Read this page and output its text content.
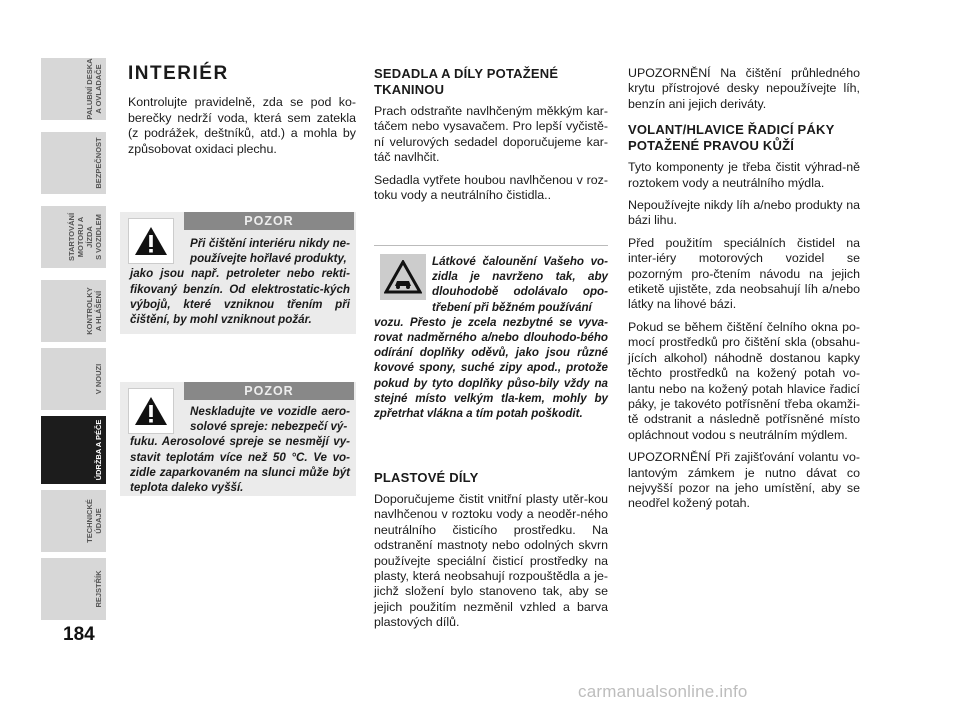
PALUBNÍ DESKA
A OVLADAČE
BEZPEČNOST
STARTOVÁNÍ
MOTORU A JÍZDA
S VOZIDLEM
KONTROLKY
A HLÁŠENÍ
V NOUZI
ÚDRŽBA A PÉČE
TECHNICKÉ ÚDAJE
REJSTŘÍK
184
INTERIÉR

Kontrolujte pravidelně, zda se pod ko-berečky nedrží voda, která sem zatekla (z podrážek, deštníků, atd.) a mohla by způsobovat oxidaci plechu.

POZOR
Při čištění interiéru nikdy ne-používejte hořlavé produkty,
jako jsou např. petroleter nebo rekti-fikovaný benzín. Od elektrostatic-kých výbojů, které vzniknou třením při čištění, by mohl vzniknout požár.
POZOR
Neskladujte ve vozidle aero-solové spreje: nebezpečí vý-
fuku. Aerosolové spreje se nesmějí vy-stavit teplotám více než 50 °C. Ve vo-zidle zaparkovaném na slunci může být teplota daleko vyšší.
SEDADLA A DÍLY POTAŽENÉ TKANINOU

Prach odstraňte navlhčeným měkkým kar-táčem nebo vysavačem. Pro lepší vyčistě-ní velurových sedadel doporučujeme kar-táč navlhčit.

Sedadla vytřete houbou navlhčenou v roz-toku vody a neutrálního čistidla..

Látkové čalounění Vašeho vo-zidla je navrženo tak, aby dlouhodobě odolávalo opo-třebení při běžném používání
vozu. Přesto je zcela nezbytné se vyva-rovat nadměrného a/nebo dlouhodo-bého odírání doplňky oděvů, jako jsou různé kovové spony, suché zipy apod., protože pokud by tyto doplňky půso-bily vždy na stejné místo velkým tla-kem, mohly by zpřetrhat vlákna a tím potah poškodit.
PLASTOVÉ DÍLY

Doporučujeme čistit vnitřní plasty utěr-kou navlhčenou v roztoku vody a neoděr-ného neutrálního čisticího prostředku. Na odstranění mastnoty nebo odolných skvrn používejte speciální čisticí prostředky na plasty, která neobsahují rozpouštědla a je-jichž složení bylo stanoveno tak, aby se jejich použitím nezměnil vzhled a barva plastových dílů.

UPOZORNĚNÍ Na čištění průhledného krytu přístrojové desky nepoužívejte líh, benzín ani jejich deriváty.

VOLANT/HLAVICE ŘADICÍ PÁKY POTAŽENÉ PRAVOU KŮŽÍ

Tyto komponenty je třeba čistit výhrad-ně roztokem vody a neutrálního mýdla.

Nepoužívejte nikdy líh a/nebo produkty na bázi lihu.

Před použitím speciálních čistidel na inter-iéry motorových vozidel se pozorným pro-čtením návodu na jejich etiketě ujistěte, zda neobsahují líh a/nebo látky na lihové bázi.

Pokud se během čištění čelního okna po-mocí prostředků pro čištění skla (obsahu-jících alkohol) náhodně dostanou kapky těchto prostředků na kožený potah vo-lantu nebo na kožený potah hlavice řadicí páky, je takovéto potřísnění třeba okamži-tě odstranit a následně potřísněné místo opláchnout vodou s neutrálním mýdlem.

UPOZORNĚNÍ Při zajišťování volantu vo-lantovým zámkem je nutno dávat co nejvyšší pozor na jeho umístění, aby se neodřel kožený potah.

carmanualsonline.info
